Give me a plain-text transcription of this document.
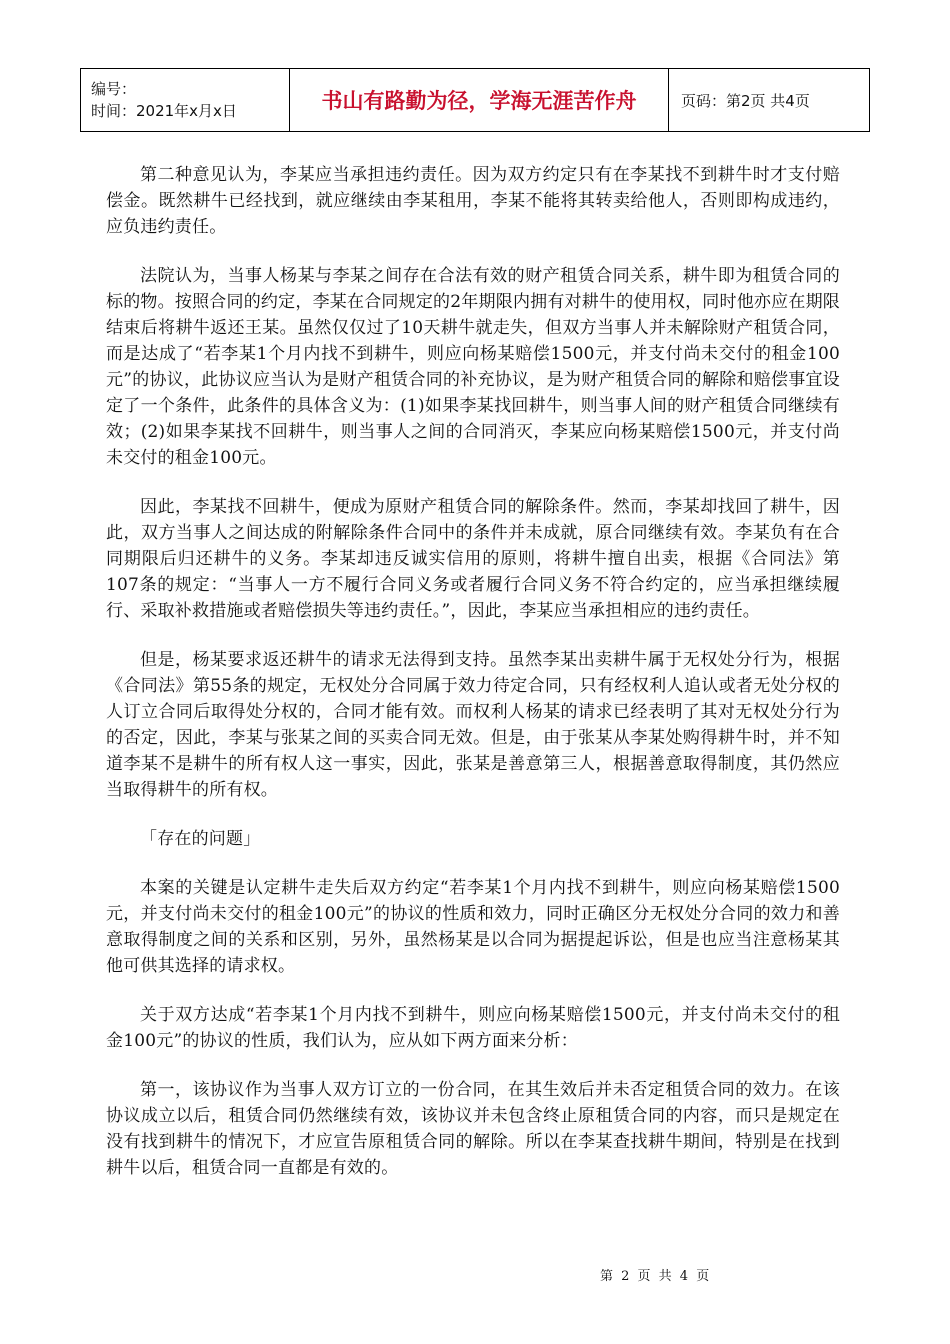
编号：
时间：2021年x月x日	书山有路勤为径，学海无涯苦作舟	页码：第2页 共4页

第二种意见认为，李某应当承担违约责任。因为双方约定只有在李某找不到耕牛时才支付赔偿金。既然耕牛已经找到，就应继续由李某租用，李某不能将其转卖给他人，否则即构成违约，应负违约责任。

法院认为，当事人杨某与李某之间存在合法有效的财产租赁合同关系，耕牛即为租赁合同的标的物。按照合同的约定，李某在合同规定的2年期限内拥有对耕牛的使用权，同时他亦应在期限结束后将耕牛返还王某。虽然仅仅过了10天耕牛就走失，但双方当事人并未解除财产租赁合同，而是达成了“若李某1个月内找不到耕牛，则应向杨某赔偿1500元，并支付尚未交付的租金100元”的协议，此协议应当认为是财产租赁合同的补充协议，是为财产租赁合同的解除和赔偿事宜设定了一个条件，此条件的具体含义为：(1)如果李某找回耕牛，则当事人间的财产租赁合同继续有效；(2)如果李某找不回耕牛，则当事人之间的合同消灭，李某应向杨某赔偿1500元，并支付尚未交付的租金100元。

因此，李某找不回耕牛，便成为原财产租赁合同的解除条件。然而，李某却找回了耕牛，因此，双方当事人之间达成的附解除条件合同中的条件并未成就，原合同继续有效。李某负有在合同期限后归还耕牛的义务。李某却违反诚实信用的原则，将耕牛擅自出卖，根据《合同法》第107条的规定：“当事人一方不履行合同义务或者履行合同义务不符合约定的，应当承担继续履行、采取补救措施或者赔偿损失等违约责任。”，因此，李某应当承担相应的违约责任。

但是，杨某要求返还耕牛的请求无法得到支持。虽然李某出卖耕牛属于无权处分行为，根据《合同法》第55条的规定，无权处分合同属于效力待定合同，只有经权利人追认或者无处分权的人订立合同后取得处分权的，合同才能有效。而权利人杨某的请求已经表明了其对无权处分行为的否定，因此，李某与张某之间的买卖合同无效。但是，由于张某从李某处购得耕牛时，并不知道李某不是耕牛的所有权人这一事实，因此，张某是善意第三人，根据善意取得制度，其仍然应当取得耕牛的所有权。

「存在的问题」

本案的关键是认定耕牛走失后双方约定“若李某1个月内找不到耕牛，则应向杨某赔偿1500元，并支付尚未交付的租金100元”的协议的性质和效力，同时正确区分无权处分合同的效力和善意取得制度之间的关系和区别，另外，虽然杨某是以合同为据提起诉讼，但是也应当注意杨某其他可供其选择的请求权。

关于双方达成“若李某1个月内找不到耕牛，则应向杨某赔偿1500元，并支付尚未交付的租金100元”的协议的性质，我们认为，应从如下两方面来分析：

第一，该协议作为当事人双方订立的一份合同，在其生效后并未否定租赁合同的效力。在该协议成立以后，租赁合同仍然继续有效，该协议并未包含终止原租赁合同的内容，而只是规定在没有找到耕牛的情况下，才应宣告原租赁合同的解除。所以在李某查找耕牛期间，特别是在找到耕牛以后，租赁合同一直都是有效的。

第 2 页 共 4 页
